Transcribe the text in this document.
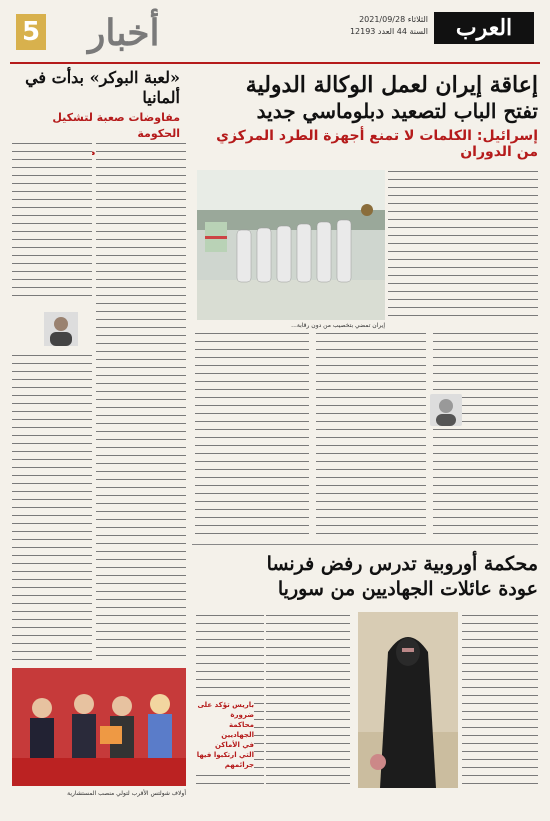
العرب
الثلاثاء 2021/09/28
السنة 44 العدد 12193
أخبار
5
إعاقة إيران لعمل الوكالة الدولية
تفتح الباب لتصعيد دبلوماسي جديد
إسرائيل: الكلمات لا تمنع أجهزة الطرد المركزي من الدوران
«لعبة البوكر» بدأت في ألمانيا
مفاوضات صعبة لتشكيل الحكومة
إيران تمضي بتخصيب من دون رقابة...
أولاف شولتس الأقرب لتولي منصب المستشارية
محكمة أوروبية تدرس رفض فرنسا
عودة عائلات الجهاديين من سوريا
باريس تؤكد على ضرورة
محاكمة الجهاديين
في الأماكن
التي ارتكبوا فيها جرائمهم
